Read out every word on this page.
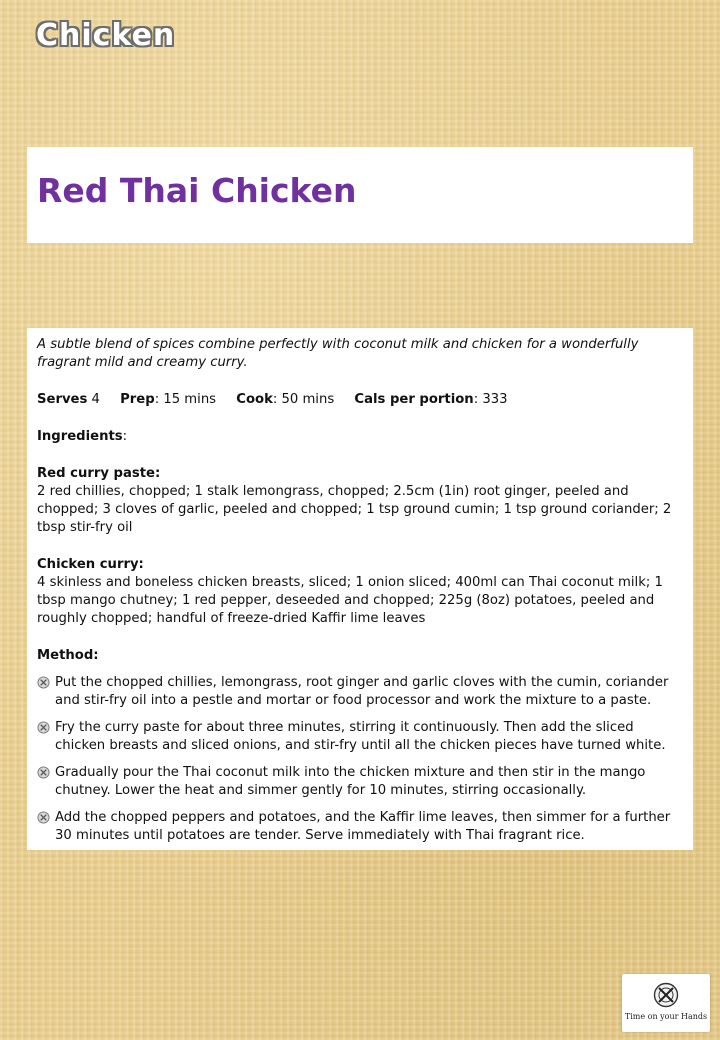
Chicken
Red Thai Chicken

A subtle blend of spices combine perfectly with coconut milk and chicken for a wonderfully fragrant mild and creamy curry.

Serves 4 Prep: 15 mins Cook: 50 mins Cals per portion: 333

Ingredients:

Red curry paste:

2 red chillies, chopped; 1 stalk lemongrass, chopped; 2.5cm (1in) root ginger, peeled and chopped; 3 cloves of garlic, peeled and chopped; 1 tsp ground cumin; 1 tsp ground coriander; 2 tbsp stir-fry oil

Chicken curry:

4 skinless and boneless chicken breasts, sliced; 1 onion sliced; 400ml can Thai coconut milk; 1 tbsp mango chutney; 1 red pepper, deseeded and chopped; 225g (8oz) potatoes, peeled and roughly chopped; handful of freeze-dried Kaffir lime leaves

Method:

Put the chopped chillies, lemongrass, root ginger and garlic cloves with the cumin, coriander and stir-fry oil into a pestle and mortar or food processor and work the mixture to a paste.
Fry the curry paste for about three minutes, stirring it continuously. Then add the sliced chicken breasts and sliced onions, and stir-fry until all the chicken pieces have turned white.
Gradually pour the Thai coconut milk into the chicken mixture and then stir in the mango chutney. Lower the heat and simmer gently for 10 minutes, stirring occasionally.
Add the chopped peppers and potatoes, and the Kaffir lime leaves, then simmer for a further 30 minutes until potatoes are tender. Serve immediately with Thai fragrant rice.
Time on your Hands
